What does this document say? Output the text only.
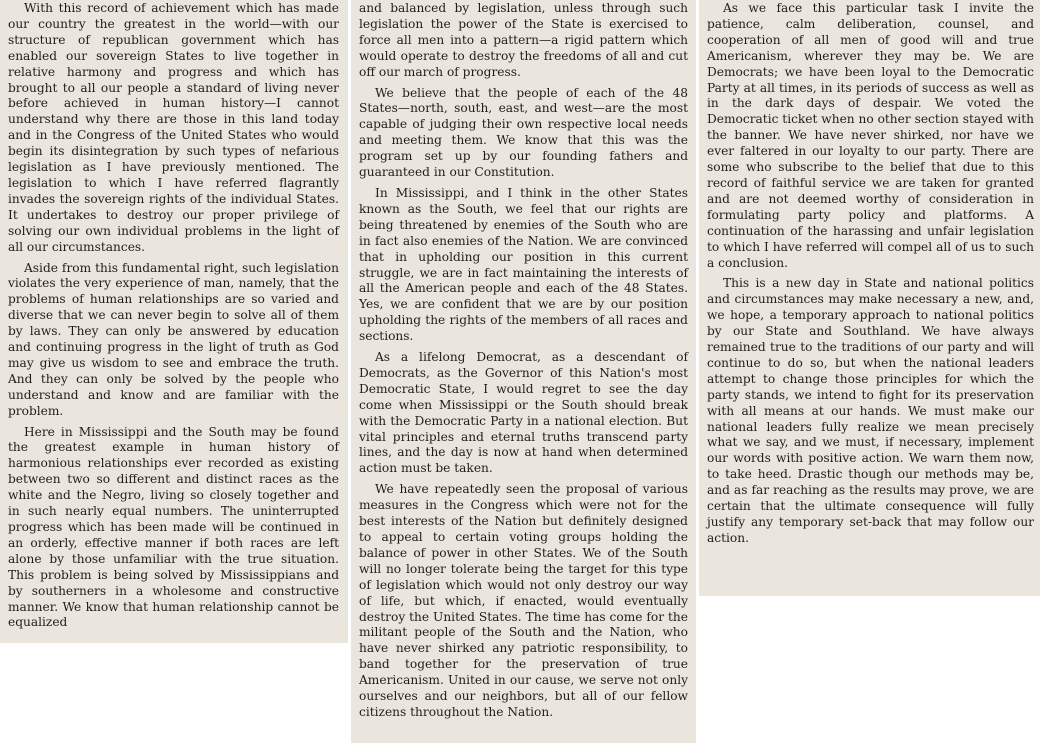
With this record of achievement which has made our country the greatest in the world—with our structure of republican government which has enabled our sovereign States to live together in relative harmony and progress and which has brought to all our people a standard of living never before achieved in human history—I cannot understand why there are those in this land today and in the Congress of the United States who would begin its disintegration by such types of nefarious legislation as I have previously mentioned. The legislation to which I have referred flagrantly invades the sovereign rights of the individual States. It undertakes to destroy our proper privilege of solving our own individual problems in the light of all our circumstances.

Aside from this fundamental right, such legislation violates the very experience of man, namely, that the problems of human relationships are so varied and diverse that we can never begin to solve all of them by laws. They can only be answered by education and continuing progress in the light of truth as God may give us wisdom to see and embrace the truth. And they can only be solved by the people who understand and know and are familiar with the problem.

Here in Mississippi and the South may be found the greatest example in human history of harmonious relationships ever recorded as existing between two so different and distinct races as the white and the Negro, living so closely together and in such nearly equal numbers. The uninterrupted progress which has been made will be continued in an orderly, effective manner if both races are left alone by those unfamiliar with the true situation. This problem is being solved by Mississippians and by southerners in a wholesome and constructive manner. We know that human relationship cannot be equalized

and balanced by legislation, unless through such legislation the power of the State is exercised to force all men into a pattern—a rigid pattern which would operate to destroy the freedoms of all and cut off our march of progress.

We believe that the people of each of the 48 States—north, south, east, and west—are the most capable of judging their own respective local needs and meeting them. We know that this was the program set up by our founding fathers and guaranteed in our Constitution.

In Mississippi, and I think in the other States known as the South, we feel that our rights are being threatened by enemies of the South who are in fact also enemies of the Nation. We are convinced that in upholding our position in this current struggle, we are in fact maintaining the interests of all the American people and each of the 48 States. Yes, we are confident that we are by our position upholding the rights of the members of all races and sections.

As a lifelong Democrat, as a descendant of Democrats, as the Governor of this Nation's most Democratic State, I would regret to see the day come when Mississippi or the South should break with the Democratic Party in a national election. But vital principles and eternal truths transcend party lines, and the day is now at hand when determined action must be taken.

We have repeatedly seen the proposal of various measures in the Congress which were not for the best interests of the Nation but definitely designed to appeal to certain voting groups holding the balance of power in other States. We of the South will no longer tolerate being the target for this type of legislation which would not only destroy our way of life, but which, if enacted, would eventually destroy the United States. The time has come for the militant people of the South and the Nation, who have never shirked any patriotic responsibility, to band together for the preservation of true Americanism. United in our cause, we serve not only ourselves and our neighbors, but all of our fellow citizens throughout the Nation.

As we face this particular task I invite the patience, calm deliberation, counsel, and cooperation of all men of good will and true Americanism, wherever they may be. We are Democrats; we have been loyal to the Democratic Party at all times, in its periods of success as well as in the dark days of despair. We voted the Democratic ticket when no other section stayed with the banner. We have never shirked, nor have we ever faltered in our loyalty to our party. There are some who subscribe to the belief that due to this record of faithful service we are taken for granted and are not deemed worthy of consideration in formulating party policy and platforms. A continuation of the harassing and unfair legislation to which I have referred will compel all of us to such a conclusion.

This is a new day in State and national politics and circumstances may make necessary a new, and, we hope, a temporary approach to national politics by our State and Southland. We have always remained true to the traditions of our party and will continue to do so, but when the national leaders attempt to change those principles for which the party stands, we intend to fight for its preservation with all means at our hands. We must make our national leaders fully realize we mean precisely what we say, and we must, if necessary, implement our words with positive action. We warn them now, to take heed. Drastic though our methods may be, and as far reaching as the results may prove, we are certain that the ultimate consequence will fully justify any temporary set-back that may follow our action.
